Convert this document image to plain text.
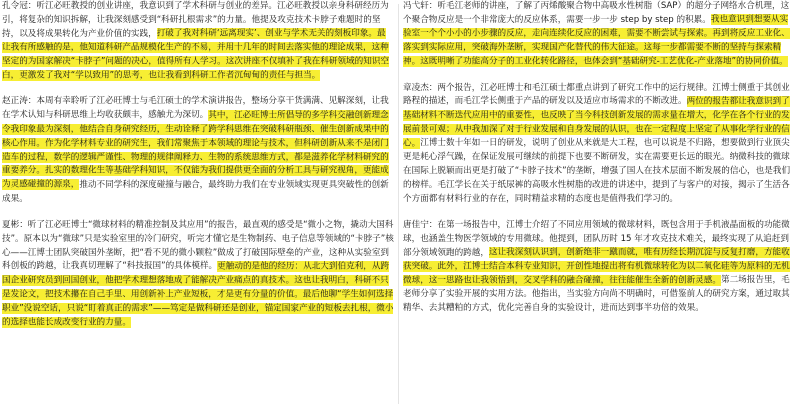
孔令冠：听江必旺教授的创业讲座，我意识到了学术科研与创业的差异。江必旺教授以亲身科研经历为引，将复杂的知识拆解，让我深刻感受到“科研扎根需求”的力量。他提及攻克技术卡脖子难题时的坚持，以及将成果转化为产业价值的实践，打破了我对科研‘远离现实’、创业与学术无关的刻板印象。最让我有所感触的是，他知道科研产品规模化生产的不易，并用十几年的时间去落实他的理论成果，这种坚定的为国家解决“卡脖子”问题的决心，值得所有人学习。这次讲座不仅填补了我在科研领域的知识空白，更激发了我对“学以致用”的思考，也让我看到科研工作者沉甸甸的责任与担当。

赵正涛：本周有幸聆听了江必旺博士与毛江硕士的学术演讲报告，整场分享干货满满、见解深刻，让我在学术认知与科研思维上均收获颇丰，感触尤为深切。其中，江必旺博士所倡导的多学科交融创新理念令我印象最为深刻，他结合自身研究经历，生动诠释了跨学科思维在突破科研瓶颈、催生创新成果中的核心作用。作为化学材料专业的研究生，我们常聚焦于本领域的理论与技术，但科研创新从来不是闭门造车的过程，数学的逻辑严谨性、物理的规律阐释力、生物的系统思维方式，都是滋养化学材料研究的重要养分。扎实的数理化生等基础学科知识，不仅能为我们提供更全面的分析工具与研究视角，更能成为灵感碰撞的源泉，推动不同学科的深度碰撞与融合，最终助力我们在专业领域实现更具突破性的创新成果。

夏彬：听了江必旺博士“微球材料的精准控制及其应用”的报告，最直观的感受是“微小之物，撬动大国科技”。原本以为“微球”只是实验室里的冷门研究，听完才懂它是生物制药、电子信息等领域的“卡脖子”核心——江博士团队突破国外垄断，把“看不见的微小颗粒”做成了打破国际壁垒的产业，这种从实验室到科创板的跨越，让我真切理解了“科技报国”的具体模样。更触动的是他的经历：从北大到伯克利，从跨国企业研究员到回国创业，他把学术理想落地成了能解决产业痛点的真技术。这也让我明白，科研不只是发论文，把技术攥在自己手里、用创新补上产业短板，才是更有分量的价值。最后他聊“学生如何选择职业”没说空话，只说“盯着真正的需求”——笃定是做科研还是创业，锚定国家产业的短板去扎根，微小的选择也能长成改变行业的力量。

冯弋轩：听毛江老师的讲座，了解了丙烯酸聚合物中高吸水性树脂（SAP）的超分子网络水合机理，这个聚合物反应是一个非常庞大的反应体系，需要一步一步 step by step 的积累。我也意识到想要从实验室一个个小小的小步骤的反应，走向连续化反应的困难，需要不断尝试与探索。再到将反应工业化、落实到实际应用，突破海外垄断，实现国产化替代的伟大征途。这每一步都需要不断的坚持与探索精神。这既明晰了功能高分子的工业化转化路径，也体会到“基础研究-工艺优化-产业落地”的协同价值。

章凌杰：两个报告，江必旺博士和毛江硕士都重点讲到了研究工作中的运行规律。江博士侧重于其创业路程的描述，而毛江学长侧重于产品的研发以及适应市场需求的不断改进。两位的报告都让我意识到了基础材料不断迭代应用中的重要性，也反映了当今科技创新发展的需求量在增大，化学在各个行业的发展前景可观；从中我加深了对于行业发展和自身发展的认识，也在一定程度上坚定了从事化学行业的信心。江博士数十年如一日的研发，说明了创业从来就是大工程，也可以说是不归路，想要做到行业顶尖更是耗心浮气躁，在保证发展可继续的前提下也要不断研发，实在需要更长远的眼光。纳微科技的微球在国际上脱颖而出更是打破了“卡脖子技术”的垄断，增强了国人在技术层面不断发展的信心，也是我们的榜样。毛江学长在关于纸尿裤的高吸水性树脂的改进的讲述中，提到了与客户的对接，揭示了生活各个方面都有材料行业的存在，同时精益求精的态度也是值得我们学习的。

唐佳宁：在第一场报告中，江博士介绍了不同应用领域的微球材料，既包含用于手机液晶面板的功能微球，也涵盖生物医学领域的专用微球。他提到，团队历时 15 年才攻克技术难关，最终实现了从追赶到部分领域领跑的跨越，这让我深刻认识到，创新绝非一蹴而就，唯有历经长期沉淀与反复打磨，方能收获突破。此外，江博士结合本科专业知识，开创性地提出将有机微球转化为以二氧化硅等为原料的无机微球，这一思路也让我领悟到，交叉学科的融合碰撞，往往能催生全新的创新灵感。第二场报告里，毛老师分享了实验开展的实用方法。他指出，当实验方向尚不明确时，可借鉴前人的研究方案，通过取其精华、去其糟粕的方式，优化完善自身的实验设计，进而达到事半功倍的效果。
